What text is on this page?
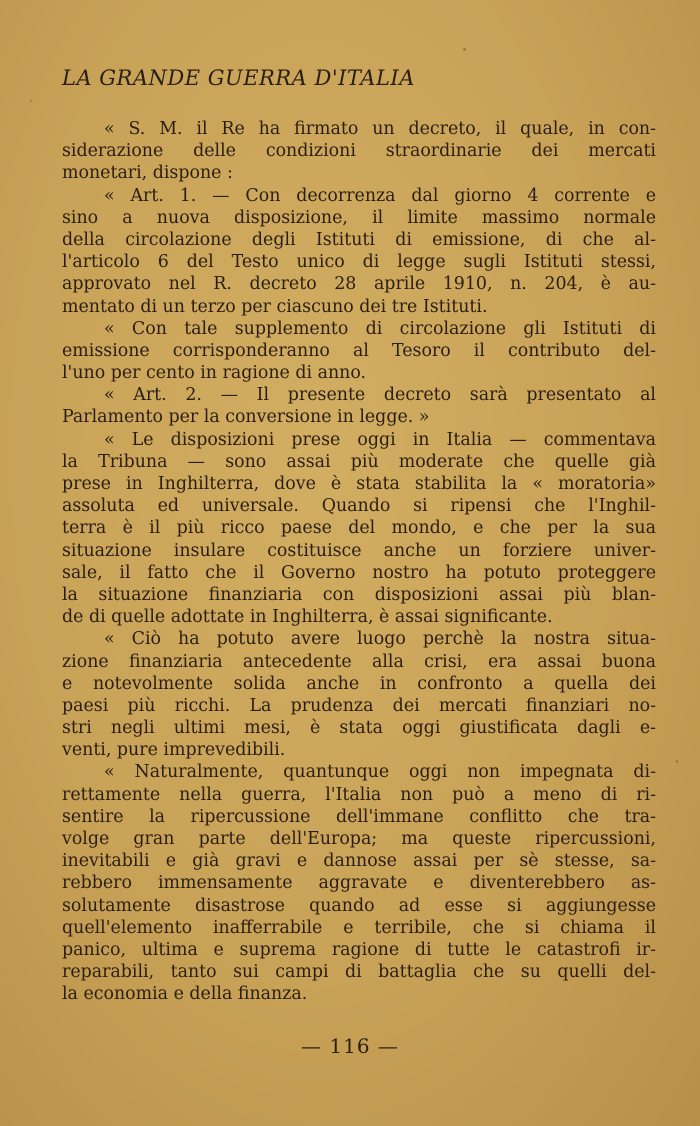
LA GRANDE GUERRA D'ITALIA
« S. M. il Re ha firmato un decreto, il quale, in con-
siderazione delle condizioni straordinarie dei mercati
monetari, dispone :
« Art. 1. — Con decorrenza dal giorno 4 corrente e
sino a nuova disposizione, il limite massimo normale
della circolazione degli Istituti di emissione, di che al-
l'articolo 6 del Testo unico di legge sugli Istituti stessi,
approvato nel R. decreto 28 aprile 1910, n. 204, è au-
mentato di un terzo per ciascuno dei tre Istituti.
« Con tale supplemento di circolazione gli Istituti di
emissione corrisponderanno al Tesoro il contributo del-
l'uno per cento in ragione di anno.
« Art. 2. — Il presente decreto sarà presentato al
Parlamento per la conversione in legge. »
« Le disposizioni prese oggi in Italia — commentava
la Tribuna — sono assai più moderate che quelle già
prese in Inghilterra, dove è stata stabilita la « moratoria»
assoluta ed universale. Quando si ripensi che l'Inghil-
terra è il più ricco paese del mondo, e che per la sua
situazione insulare costituisce anche un forziere univer-
sale, il fatto che il Governo nostro ha potuto proteggere
la situazione finanziaria con disposizioni assai più blan-
de di quelle adottate in Inghilterra, è assai significante.
« Ciò ha potuto avere luogo perchè la nostra situa-
zione finanziaria antecedente alla crisi, era assai buona
e notevolmente solida anche in confronto a quella dei
paesi più ricchi. La prudenza dei mercati finanziari no-
stri negli ultimi mesi, è stata oggi giustificata dagli e-
venti, pure imprevedibili.
« Naturalmente, quantunque oggi non impegnata di-
rettamente nella guerra, l'Italia non può a meno di ri-
sentire la ripercussione dell'immane conflitto che tra-
volge gran parte dell'Europa; ma queste ripercussioni,
inevitabili e già gravi e dannose assai per sè stesse, sa-
rebbero immensamente aggravate e diventerebbero as-
solutamente disastrose quando ad esse si aggiungesse
quell'elemento inafferrabile e terribile, che si chiama il
panico, ultima e suprema ragione di tutte le catastrofi ir-
reparabili, tanto sui campi di battaglia che su quelli del-
la economia e della finanza.
— 116 —
